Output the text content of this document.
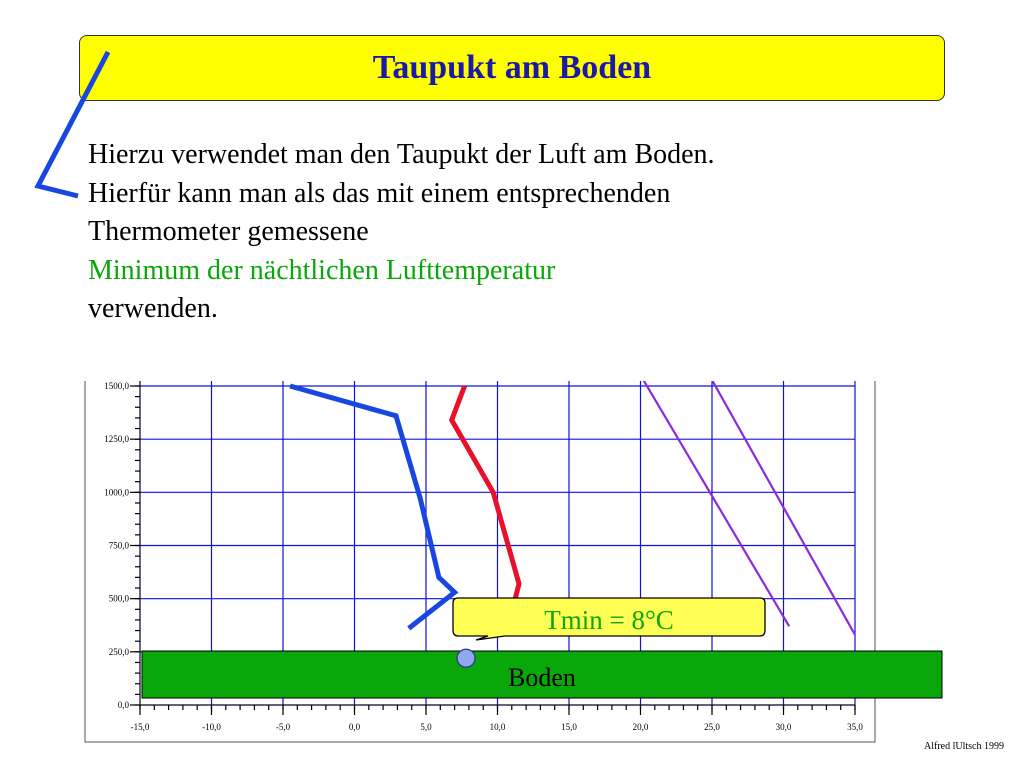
Taupukt am Boden
Hierzu verwendet man den Taupukt der Luft am Boden.
Hierfür kann man als das mit einem entsprechenden
Thermometer gemessene
Minimum der nächtlichen Lufttemperatur
verwenden.
0,0
250,0
500,0
750,0
1000,0
1250,0
1500,0
-15,0	-10,0	-5,0	0,0	5,0	10,0	15,0	20,0	25,0	30,0	35,0
Boden
Tmin = 8°C
Alfred lUltsch 1999
